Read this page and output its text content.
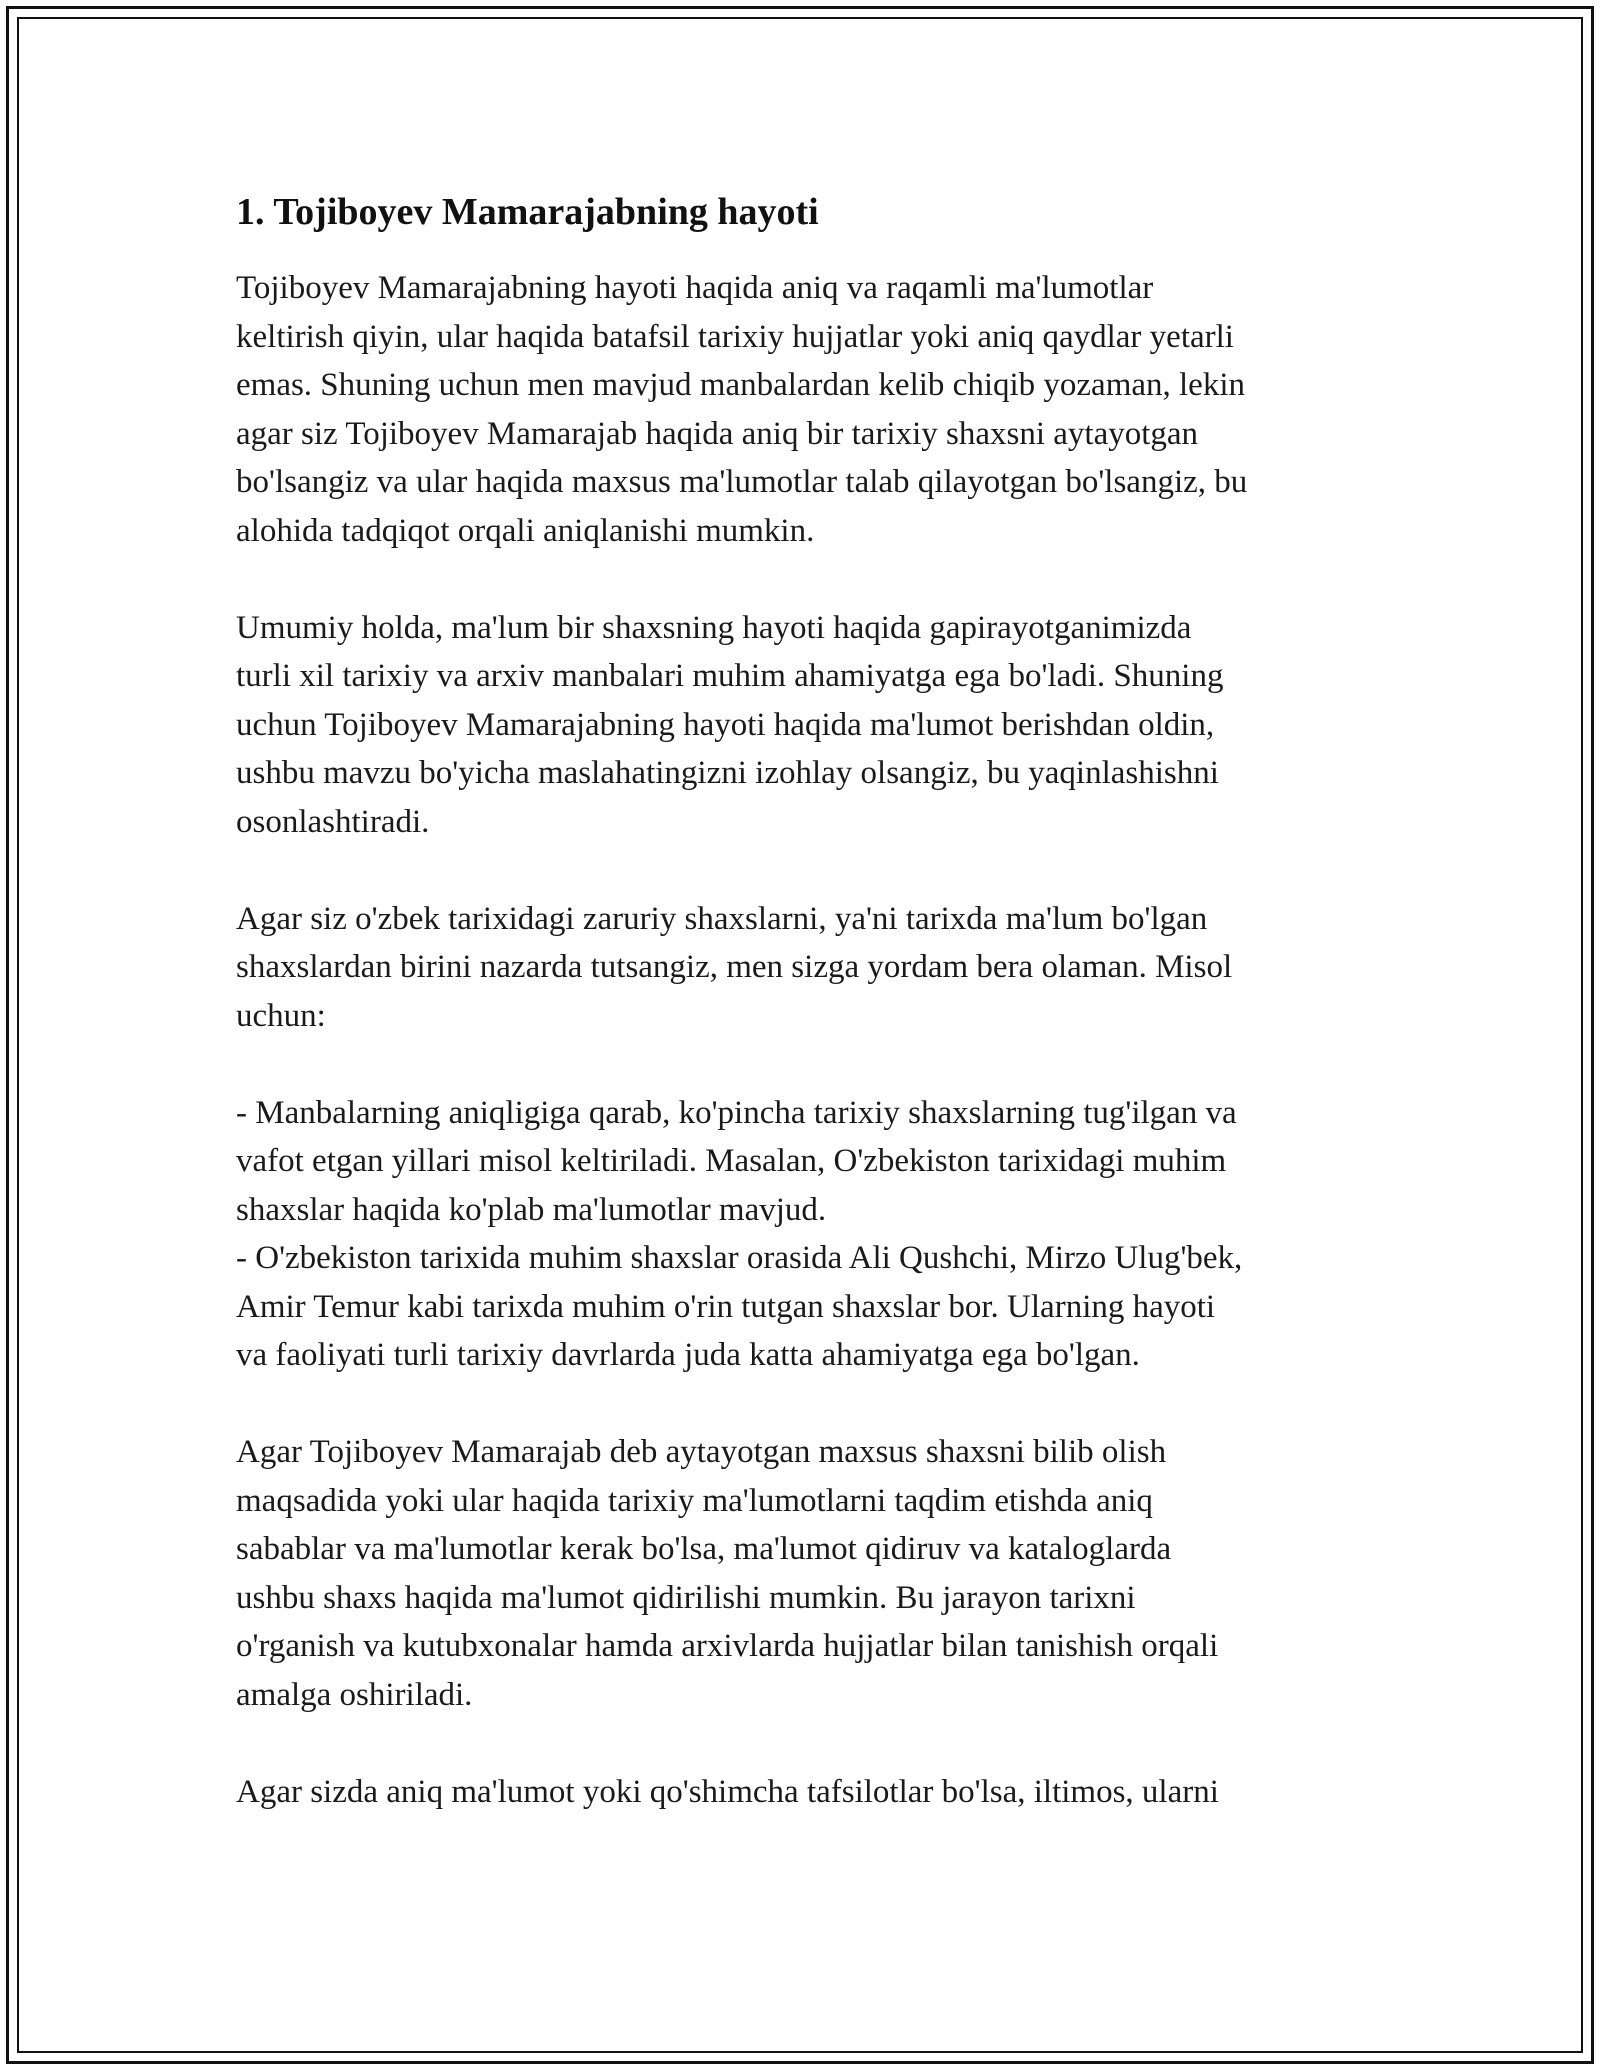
1. Tojiboyev Mamarajabning hayoti

Tojiboyev Mamarajabning hayoti haqida aniq va raqamli ma'lumotlar
keltirish qiyin, ular haqida batafsil tarixiy hujjatlar yoki aniq qaydlar yetarli
emas. Shuning uchun men mavjud manbalardan kelib chiqib yozaman, lekin
agar siz Tojiboyev Mamarajab haqida aniq bir tarixiy shaxsni aytayotgan
bo'lsangiz va ular haqida maxsus ma'lumotlar talab qilayotgan bo'lsangiz, bu
alohida tadqiqot orqali aniqlanishi mumkin.

Umumiy holda, ma'lum bir shaxsning hayoti haqida gapirayotganimizda
turli xil tarixiy va arxiv manbalari muhim ahamiyatga ega bo'ladi. Shuning
uchun Tojiboyev Mamarajabning hayoti haqida ma'lumot berishdan oldin,
ushbu mavzu bo'yicha maslahatingizni izohlay olsangiz, bu yaqinlashishni
osonlashtiradi.

Agar siz o'zbek tarixidagi zaruriy shaxslarni, ya'ni tarixda ma'lum bo'lgan
shaxslardan birini nazarda tutsangiz, men sizga yordam bera olaman. Misol
uchun:

- Manbalarning aniqligiga qarab, ko'pincha tarixiy shaxslarning tug'ilgan va
vafot etgan yillari misol keltiriladi. Masalan, O'zbekiston tarixidagi muhim
shaxslar haqida ko'plab ma'lumotlar mavjud.
- O'zbekiston tarixida muhim shaxslar orasida Ali Qushchi, Mirzo Ulug'bek,
Amir Temur kabi tarixda muhim o'rin tutgan shaxslar bor. Ularning hayoti
va faoliyati turli tarixiy davrlarda juda katta ahamiyatga ega bo'lgan.

Agar Tojiboyev Mamarajab deb aytayotgan maxsus shaxsni bilib olish
maqsadida yoki ular haqida tarixiy ma'lumotlarni taqdim etishda aniq
sabablar va ma'lumotlar kerak bo'lsa, ma'lumot qidiruv va kataloglarda
ushbu shaxs haqida ma'lumot qidirilishi mumkin. Bu jarayon tarixni
o'rganish va kutubxonalar hamda arxivlarda hujjatlar bilan tanishish orqali
amalga oshiriladi.

Agar sizda aniq ma'lumot yoki qo'shimcha tafsilotlar bo'lsa, iltimos, ularni
